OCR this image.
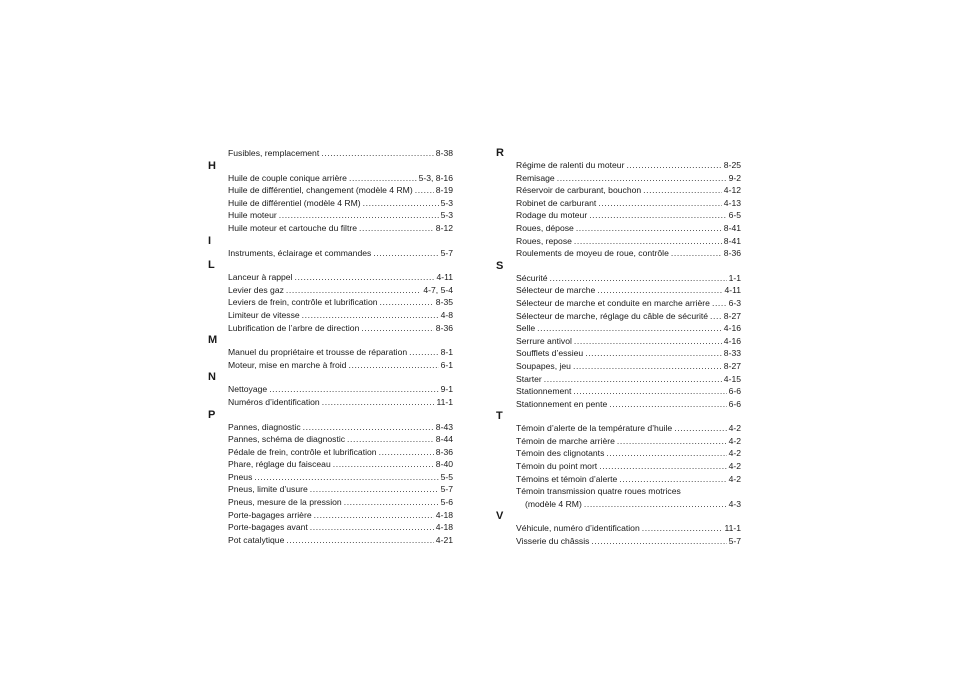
Fusibles, remplacement .....	8-38
H
Huile de couple conique arrière .....	5-3, 8-16
Huile de différentiel, changement (modèle 4 RM) .....	8-19
Huile de différentiel (modèle 4 RM) .....	5-3
Huile moteur .....	5-3
Huile moteur et cartouche du filtre .....	8-12
I
Instruments, éclairage et commandes .....	5-7
L
Lanceur à rappel .....	4-11
Levier des gaz .....	4-7, 5-4
Leviers de frein, contrôle et lubrification .....	8-35
Limiteur de vitesse .....	4-8
Lubrification de l’arbre de direction .....	8-36
M
Manuel du propriétaire et trousse de réparation .....	8-1
Moteur, mise en marche à froid .....	6-1
N
Nettoyage .....	9-1
Numéros d’identification .....	11-1
P
Pannes, diagnostic .....	8-43
Pannes, schéma de diagnostic .....	8-44
Pédale de frein, contrôle et lubrification .....	8-36
Phare, réglage du faisceau .....	8-40
Pneus .....	5-5
Pneus, limite d’usure .....	5-7
Pneus, mesure de la pression .....	5-6
Porte-bagages arrière .....	4-18
Porte-bagages avant .....	4-18
Pot catalytique .....	4-21
R
Régime de ralenti du moteur .....	8-25
Remisage .....	9-2
Réservoir de carburant, bouchon .....	4-12
Robinet de carburant .....	4-13
Rodage du moteur .....	6-5
Roues, dépose .....	8-41
Roues, repose .....	8-41
Roulements de moyeu de roue, contrôle .....	8-36
S
Sécurité .....	1-1
Sélecteur de marche .....	4-11
Sélecteur de marche et conduite en marche arrière ..... 6-3
Sélecteur de marche, réglage du câble de sécurité ..... 8-27
Selle .....	4-16
Serrure antivol .....	4-16
Soufflets d’essieu .....	8-33
Soupapes, jeu .....	8-27
Starter .....	4-15
Stationnement .....	6-6
Stationnement en pente .....	6-6
T
Témoin d’alerte de la température d’huile .....	4-2
Témoin de marche arrière .....	4-2
Témoin des clignotants .....	4-2
Témoin du point mort .....	4-2
Témoins et témoin d’alerte .....	4-2
Témoin transmission quatre roues motrices
(modèle 4 RM) .....	4-3
V
Véhicule, numéro d’identification .....	11-1
Visserie du châssis .....	5-7
